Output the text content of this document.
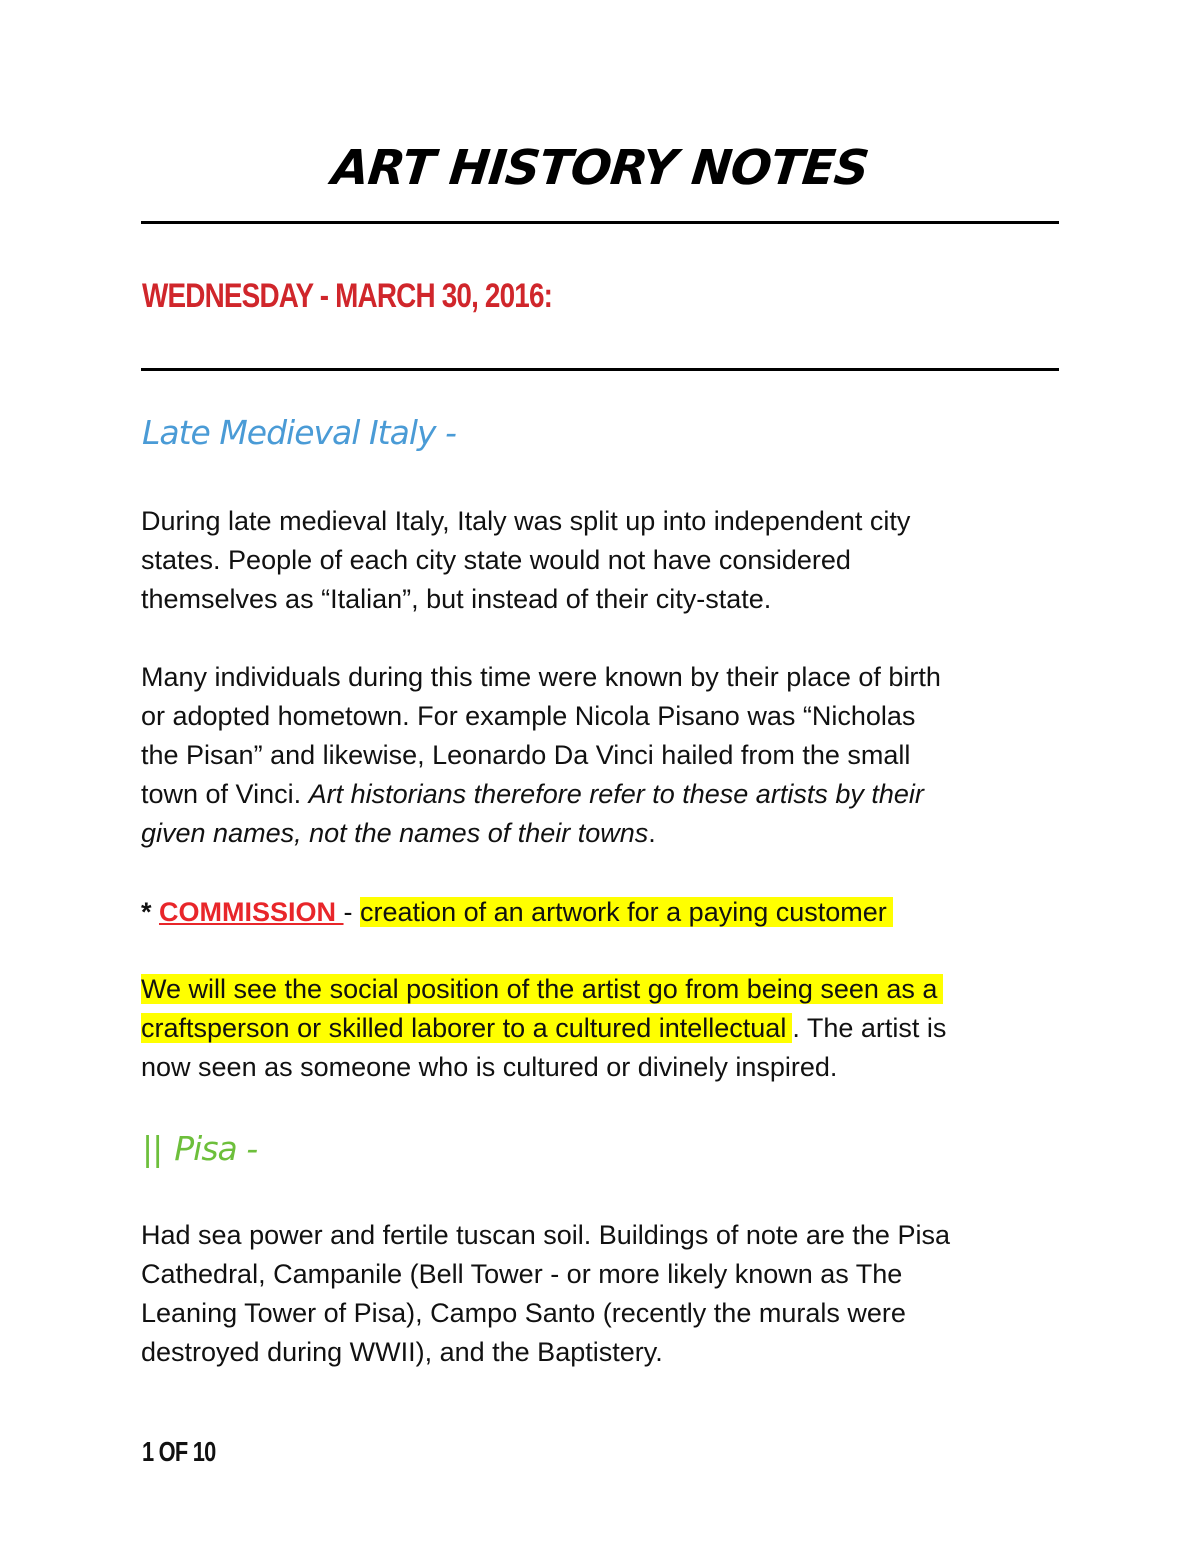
ART HISTORY NOTES
WEDNESDAY - MARCH 30, 2016:
Late Medieval Italy -
During late medieval Italy, Italy was split up into independent city
states. People of each city state would not have considered
themselves as “Italian”, but instead of their city-state.
Many individuals during this time were known by their place of birth
or adopted hometown. For example Nicola Pisano was “Nicholas
the Pisan” and likewise, Leonardo Da Vinci hailed from the small
town of Vinci. Art historians therefore refer to these artists by their
given names, not the names of their towns.
* COMMISSION - creation of an artwork for a paying customer
We will see the social position of the artist go from being seen as a
craftsperson or skilled laborer to a cultured intellectual . The artist is
now seen as someone who is cultured or divinely inspired.
|| Pisa -
Had sea power and fertile tuscan soil. Buildings of note are the Pisa
Cathedral, Campanile (Bell Tower - or more likely known as The
Leaning Tower of Pisa), Campo Santo (recently the murals were
destroyed during WWII), and the Baptistery.
1 OF 10
